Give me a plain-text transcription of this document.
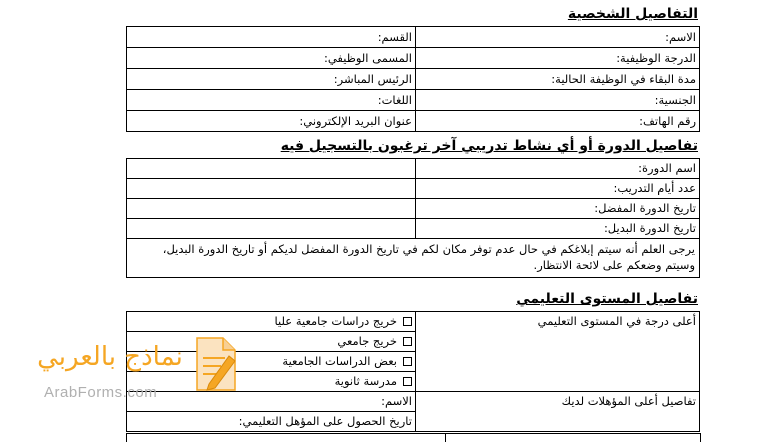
التفاصيل الشخصية
الاسم:	القسم:
الدرجة الوظيفية:	المسمى الوظيفي:
مدة البقاء في الوظيفة الحالية:	الرئيس المباشر:
الجنسية:	اللغات:
رقم الهاتف:	عنوان البريد الإلكتروني:
تفاصيل الدورة أو أي نشاط تدريبي آخر ترغبون بالتسجيل فيه
اسم الدورة:	
عدد أيام التدريب:	
تاريخ الدورة المفضل:	
تاريخ الدورة البديل:	
يرجى العلم أنه سيتم إبلاغكم في حال عدم توفر مكان لكم في تاريخ الدورة المفضل لديكم أو تاريخ الدورة البديل، وسيتم وضعكم على لائحة الانتظار.	
تفاصيل المستوى التعليمي
أعلى درجة في المستوى التعليمي	خريج دراسات جامعية عليا
	خريج جامعي
	بعض الدراسات الجامعية
	مدرسة ثانوية
تفاصيل أعلى المؤهلات لديك	الاسم:
	تاريخ الحصول على المؤهل التعليمي:
نماذج بالعربي
ArabForms.com
